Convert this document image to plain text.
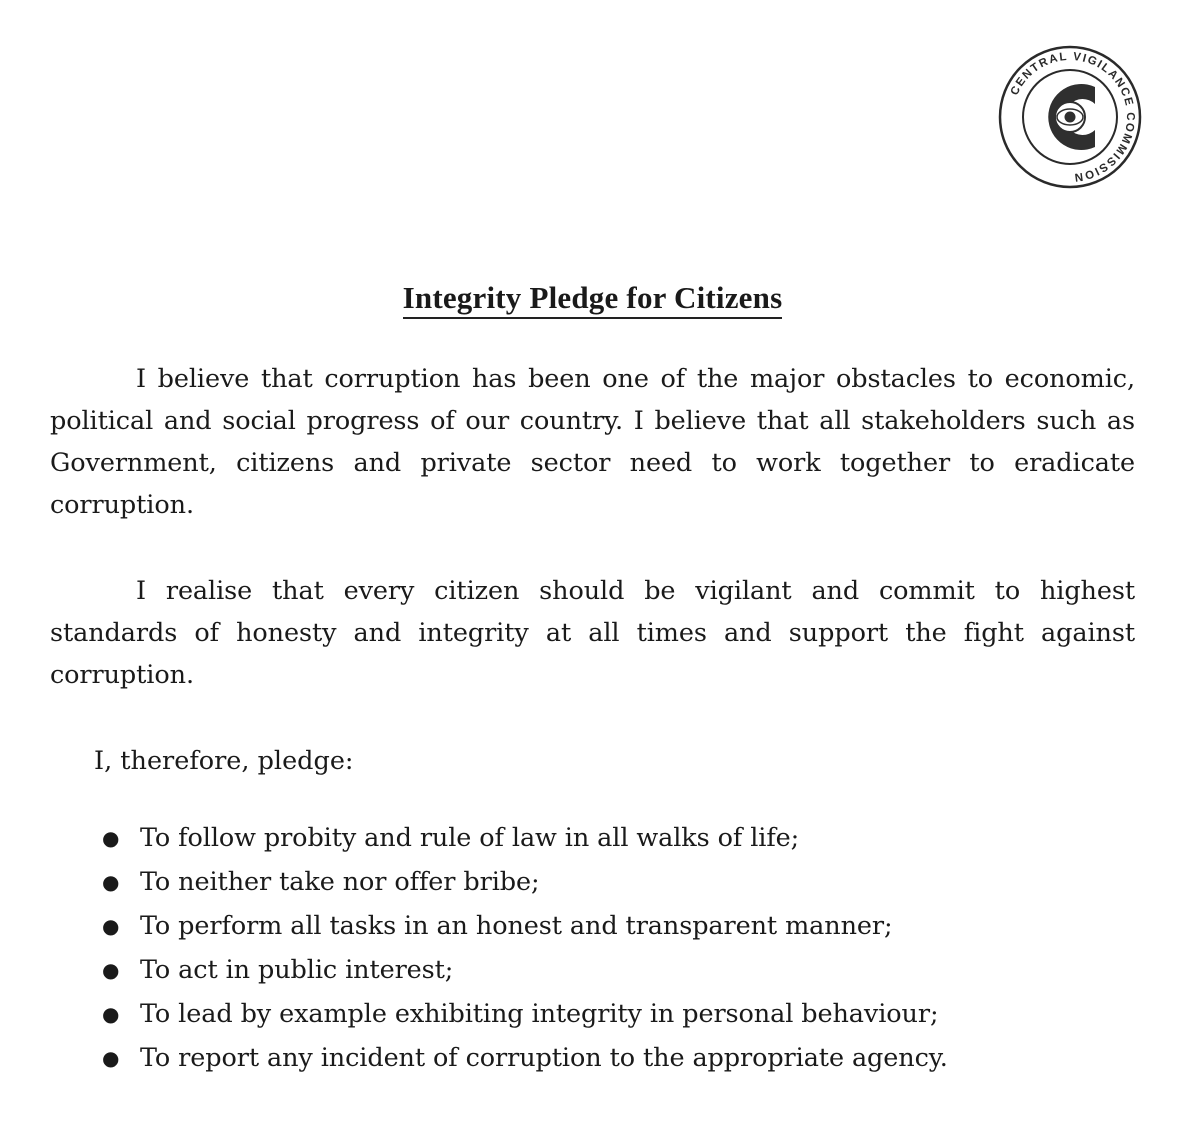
CENTRAL VIGILANCE COMMISSION
Integrity Pledge for Citizens

I believe that corruption has been one of the major obstacles to economic, political and social progress of our country. I believe that all stakeholders such as Government, citizens and private sector need to work together to eradicate corruption.

I realise that every citizen should be vigilant and commit to highest standards of honesty and integrity at all times and support the fight against corruption.

I, therefore, pledge:

● To follow probity and rule of law in all walks of life;
● To neither take nor offer bribe;
● To perform all tasks in an honest and transparent manner;
● To act in public interest;
● To lead by example exhibiting integrity in personal behaviour;
● To report any incident of corruption to the appropriate agency.
